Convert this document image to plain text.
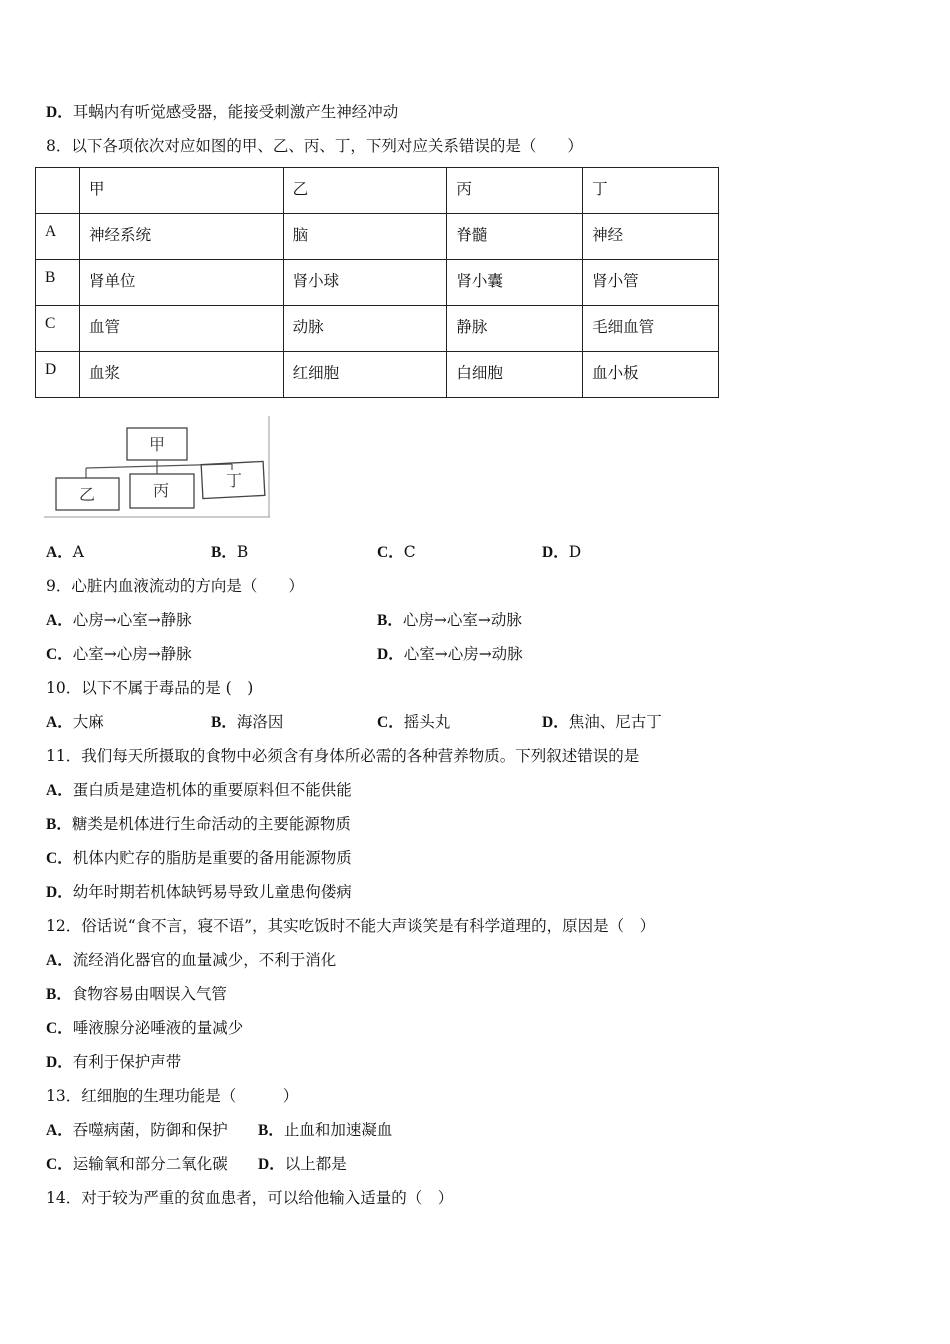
D．耳蜗内有听觉感受器，能接受刺激产生神经冲动
8．以下各项依次对应如图的甲、乙、丙、丁，下列对应关系错误的是（　　）
	甲	乙	丙	丁
A	神经系统	脑	脊髓	神经
B	肾单位	肾小球	肾小囊	肾小管
C	血管	动脉	静脉	毛细血管
D	血浆	红细胞	白细胞	血小板
甲
乙	丙
丁
A．A	B．B	C．C	D．D
9．心脏内血液流动的方向是（　　）
A．心房→心室→静脉	B．心房→心室→动脉
C．心室→心房→静脉	D．心室→心房→动脉
10．以下不属于毒品的是 (　)
A．大麻	B．海洛因	C．摇头丸	D．焦油、尼古丁
11．我们每天所摄取的食物中必须含有身体所必需的各种营养物质。下列叙述错误的是
A．蛋白质是建造机体的重要原料但不能供能
B．糖类是机体进行生命活动的主要能源物质
C．机体内贮存的脂肪是重要的备用能源物质
D．幼年时期若机体缺钙易导致儿童患佝偻病
12．俗话说“食不言，寝不语”，其实吃饭时不能大声谈笑是有科学道理的，原因是（　）
A．流经消化器官的血量减少，不利于消化
B．食物容易由咽误入气管
C．唾液腺分泌唾液的量减少
D．有利于保护声带
13．红细胞的生理功能是（　　　）
A．吞噬病菌，防御和保护 B．止血和加速凝血
C．运输氧和部分二氧化碳 D．以上都是
14．对于较为严重的贫血患者，可以给他输入适量的（　）
